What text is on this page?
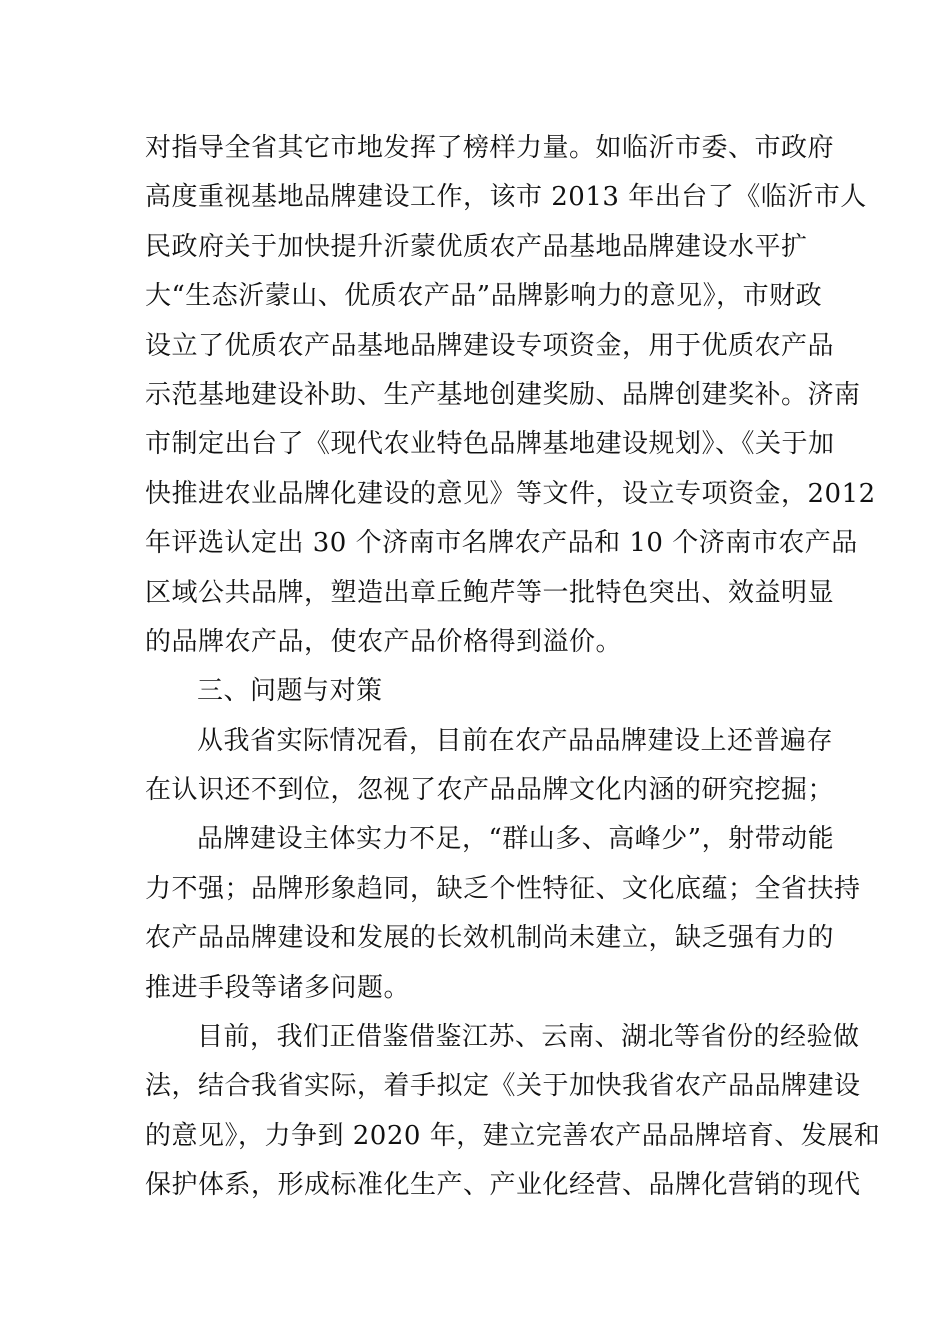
对指导全省其它市地发挥了榜样力量。如临沂市委、市政府
高度重视基地品牌建设工作，该市 2013 年出台了《临沂市人
民政府关于加快提升沂蒙优质农产品基地品牌建设水平扩
大“生态沂蒙山、优质农产品”品牌影响力的意见》，市财政
设立了优质农产品基地品牌建设专项资金，用于优质农产品
示范基地建设补助、生产基地创建奖励、品牌创建奖补。济南
市制定出台了《现代农业特色品牌基地建设规划》、《关于加
快推进农业品牌化建设的意见》等文件，设立专项资金，2012
年评选认定出 30 个济南市名牌农产品和 10 个济南市农产品
区域公共品牌，塑造出章丘鲍芹等一批特色突出、效益明显
的品牌农产品，使农产品价格得到溢价。
三、问题与对策
从我省实际情况看，目前在农产品品牌建设上还普遍存
在认识还不到位，忽视了农产品品牌文化内涵的研究挖掘；
品牌建设主体实力不足，“群山多、高峰少”，射带动能
力不强；品牌形象趋同，缺乏个性特征、文化底蕴；全省扶持
农产品品牌建设和发展的长效机制尚未建立，缺乏强有力的
推进手段等诸多问题。
目前，我们正借鉴借鉴江苏、云南、湖北等省份的经验做
法，结合我省实际，着手拟定《关于加快我省农产品品牌建设
的意见》，力争到 2020 年，建立完善农产品品牌培育、发展和
保护体系，形成标准化生产、产业化经营、品牌化营销的现代
